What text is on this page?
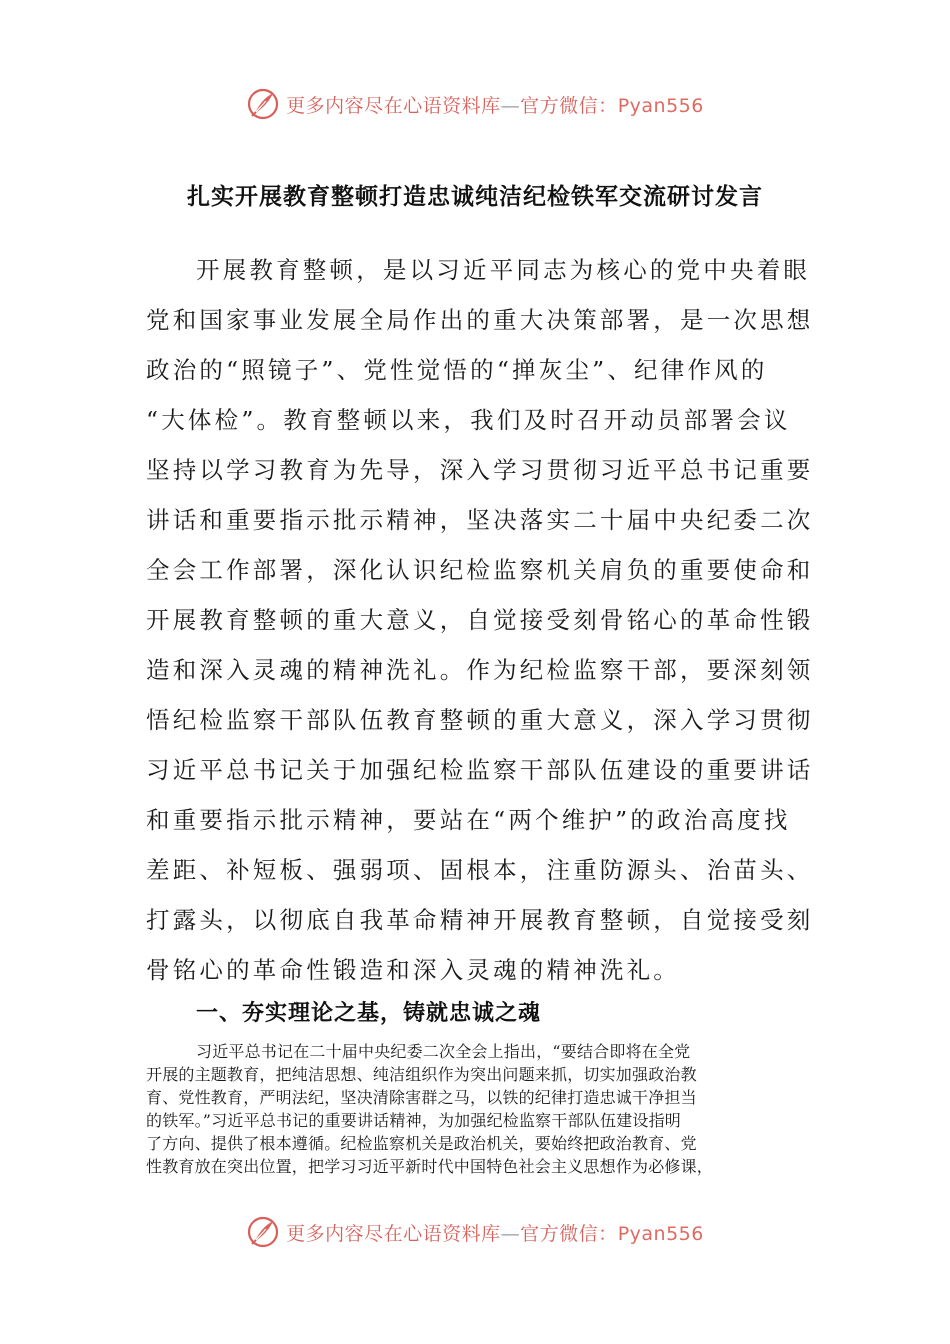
更多内容尽在心语资料库—官方微信：Pyan556
扎实开展教育整顿打造忠诚纯洁纪检铁军交流研讨发言
开展教育整顿，是以习近平同志为核心的党中央着眼
党和国家事业发展全局作出的重大决策部署，是一次思想
政治的“照镜子”、党性觉悟的“掸灰尘”、纪律作风的
“大体检”。教育整顿以来，我们及时召开动员部署会议
坚持以学习教育为先导，深入学习贯彻习近平总书记重要
讲话和重要指示批示精神，坚决落实二十届中央纪委二次
全会工作部署，深化认识纪检监察机关肩负的重要使命和
开展教育整顿的重大意义，自觉接受刻骨铭心的革命性锻
造和深入灵魂的精神洗礼。作为纪检监察干部，要深刻领
悟纪检监察干部队伍教育整顿的重大意义，深入学习贯彻
习近平总书记关于加强纪检监察干部队伍建设的重要讲话
和重要指示批示精神，要站在“两个维护”的政治高度找
差距、补短板、强弱项、固根本，注重防源头、治苗头、
打露头，以彻底自我革命精神开展教育整顿，自觉接受刻
骨铭心的革命性锻造和深入灵魂的精神洗礼。
一、夯实理论之基，铸就忠诚之魂
习近平总书记在二十届中央纪委二次全会上指出，“要结合即将在全党
开展的主题教育，把纯洁思想、纯洁组织作为突出问题来抓，切实加强政治教
育、党性教育，严明法纪，坚决清除害群之马，以铁的纪律打造忠诚干净担当
的铁军。”习近平总书记的重要讲话精神，为加强纪检监察干部队伍建设指明
了方向、提供了根本遵循。纪检监察机关是政治机关，要始终把政治教育、党
性教育放在突出位置，把学习习近平新时代中国特色社会主义思想作为必修课，
更多内容尽在心语资料库—官方微信：Pyan556
